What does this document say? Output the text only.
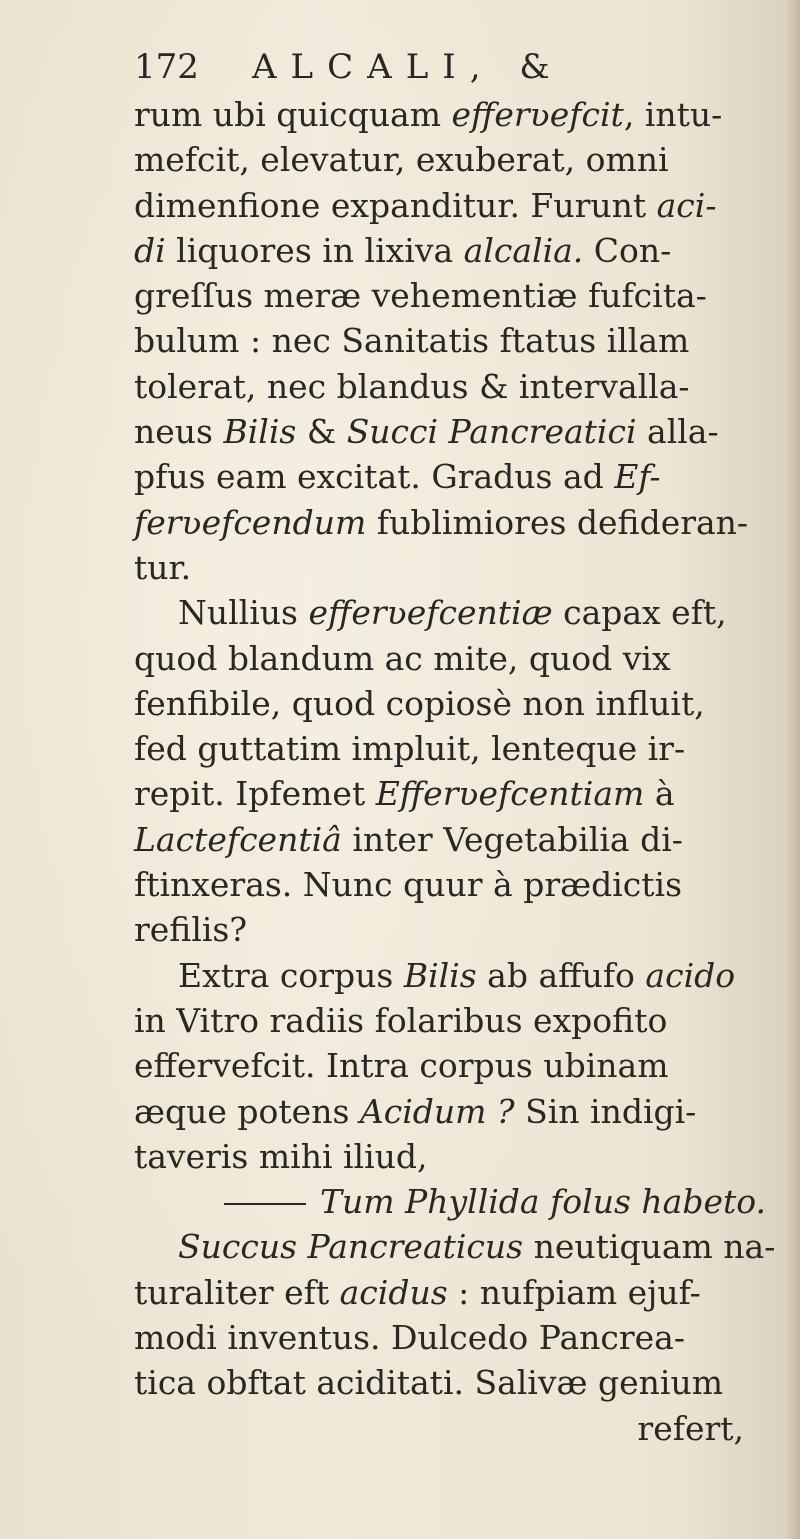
172 ALCALI, &
rum ubi quicquam efferʋefcit, intu-
mefcit, elevatur, exuberat, omni
dimenfione expanditur. Furunt aci-
di liquores in lixiva alcalia. Con-
greſſus meræ vehementiæ fufcita-
bulum : nec Sanitatis ftatus illam
tolerat, nec blandus & intervalla-
neus Bilis & Succi Pancreatici alla-
pfus eam excitat. Gradus ad Ef-
ferʋefcendum fublimiores defideran-
tur.
Nullius efferʋefcentiæ capax eft,
quod blandum ac mite, quod vix
fenfibile, quod copiosè non influit,
fed guttatim impluit, lenteque ir-
repit. Ipfemet Efferʋefcentiam à
Lactefcentiâ inter Vegetabilia di-
ftinxeras. Nunc quur à prædictis
refilis?
Extra corpus Bilis ab affufo acido
in Vitro radiis folaribus expofito
effervefcit. Intra corpus ubinam
æque potens Acidum ? Sin indigi-
taveris mihi iliud,
Tum Phyllida folus habeto.
Succus Pancreaticus neutiquam na-
turaliter eft acidus : nufpiam ejuf-
modi inventus. Dulcedo Pancrea-
tica obftat aciditati. Salivæ genium
refert,
